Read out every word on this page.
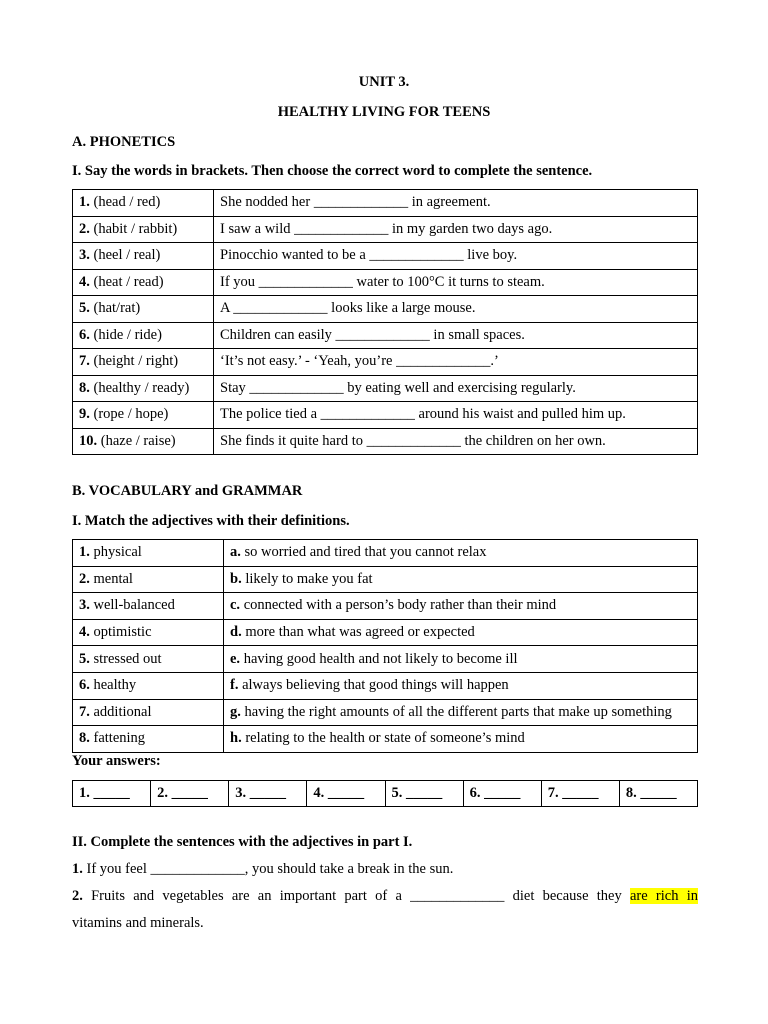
UNIT 3.
HEALTHY LIVING FOR TEENS
A. PHONETICS
I. Say the words in brackets. Then choose the correct word to complete the sentence.
1. (head / red)	She nodded her _____________ in agreement.
2. (habit / rabbit)	I saw a wild _____________ in my garden two days ago.
3. (heel / real)	Pinocchio wanted to be a _____________ live boy.
4. (heat / read)	If you _____________ water to 100°C it turns to steam.
5. (hat/rat)	A _____________ looks like a large mouse.
6. (hide / ride)	Children can easily _____________ in small spaces.
7. (height / right)	‘It’s not easy.’ - ‘Yeah, you’re _____________.’
8. (healthy / ready)	Stay _____________ by eating well and exercising regularly.
9. (rope / hope)	The police tied a _____________ around his waist and pulled him up.
10. (haze / raise)	She finds it quite hard to _____________ the children on her own.
B. VOCABULARY and GRAMMAR
I. Match the adjectives with their definitions.
1. physical	a. so worried and tired that you cannot relax
2. mental	b. likely to make you fat
3. well-balanced	c. connected with a person’s body rather than their mind
4. optimistic	d. more than what was agreed or expected
5. stressed out	e. having good health and not likely to become ill
6. healthy	f. always believing that good things will happen
7. additional	g. having the right amounts of all the different parts that make up something
8. fattening	h. relating to the health or state of someone’s mind
Your answers:
1. _____	2. _____	3. _____	4. _____	5. _____	6. _____	7. _____	8. _____
II. Complete the sentences with the adjectives in part I.
1. If you feel _____________, you should take a break in the sun.
2. Fruits and vegetables are an important part of a _____________ diet because they are rich in
vitamins and minerals.
